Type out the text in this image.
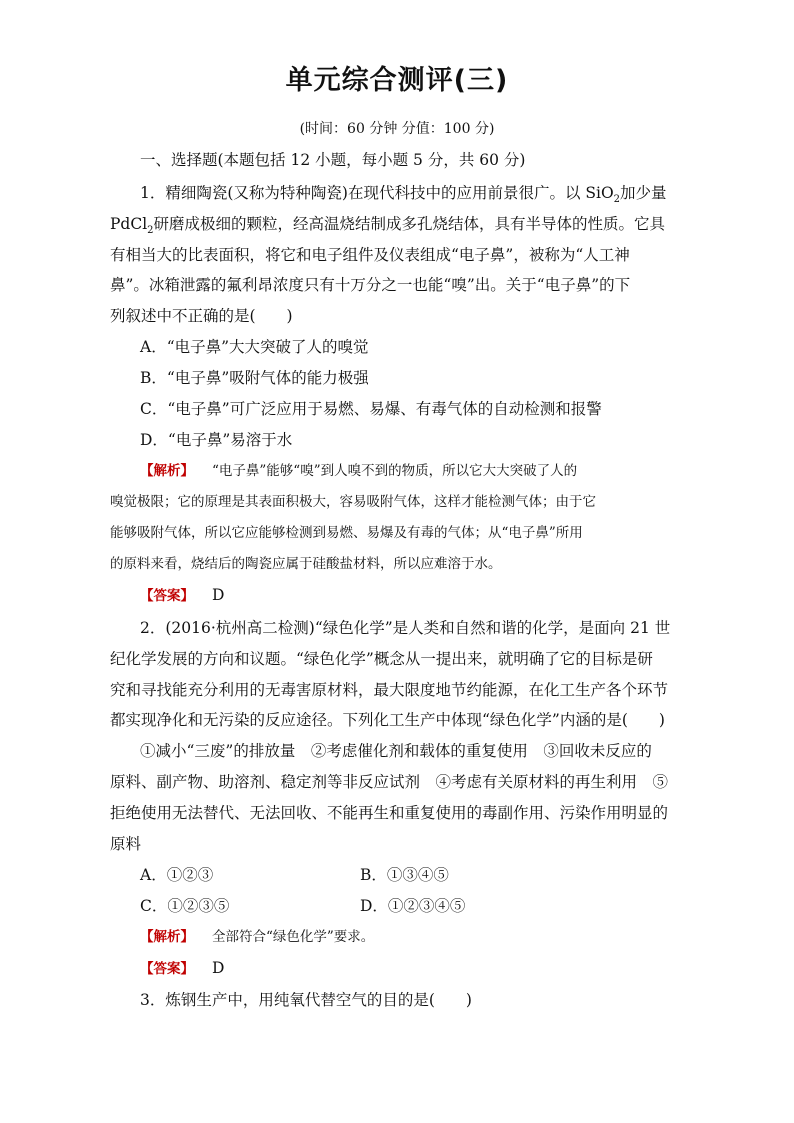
单元综合测评(三)
(时间：60 分钟 分值：100 分)
一、选择题(本题包括 12 小题，每小题 5 分，共 60 分)
1．精细陶瓷(又称为特种陶瓷)在现代科技中的应用前景很广。以 SiO$_2$加少量
PdCl$_2$研磨成极细的颗粒，经高温烧结制成多孔烧结体，具有半导体的性质。它具
有相当大的比表面积，将它和电子组件及仪表组成“电子鼻”，被称为“人工神
鼻”。冰箱泄露的氟利昂浓度只有十万分之一也能“嗅”出。关于“电子鼻”的下
列叙述中不正确的是(　　)
A．“电子鼻”大大突破了人的嗅觉
B．“电子鼻”吸附气体的能力极强
C．“电子鼻”可广泛应用于易燃、易爆、有毒气体的自动检测和报警
D．“电子鼻”易溶于水
【解析】 “电子鼻”能够“嗅”到人嗅不到的物质，所以它大大突破了人的
嗅觉极限；它的原理是其表面积极大，容易吸附气体，这样才能检测气体；由于它
能够吸附气体，所以它应能够检测到易燃、易爆及有毒的气体；从“电子鼻”所用
的原料来看，烧结后的陶瓷应属于硅酸盐材料，所以应难溶于水。
【答案】 D
2．(2016·杭州高二检测)“绿色化学”是人类和自然和谐的化学，是面向 21 世
纪化学发展的方向和议题。“绿色化学”概念从一提出来，就明确了它的目标是研
究和寻找能充分利用的无毒害原材料，最大限度地节约能源，在化工生产各个环节
都实现净化和无污染的反应途径。下列化工生产中体现“绿色化学”内涵的是(　　)
①减小“三废”的排放量　②考虑催化剂和载体的重复使用　③回收未反应的
原料、副产物、助溶剂、稳定剂等非反应试剂　④考虑有关原材料的再生利用　⑤
拒绝使用无法替代、无法回收、不能再生和重复使用的毒副作用、污染作用明显的
原料
A．①②③	B．①③④⑤
C．①②③⑤	D．①②③④⑤
【解析】 全部符合“绿色化学”要求。
【答案】 D
3．炼钢生产中，用纯氧代替空气的目的是(　　)
